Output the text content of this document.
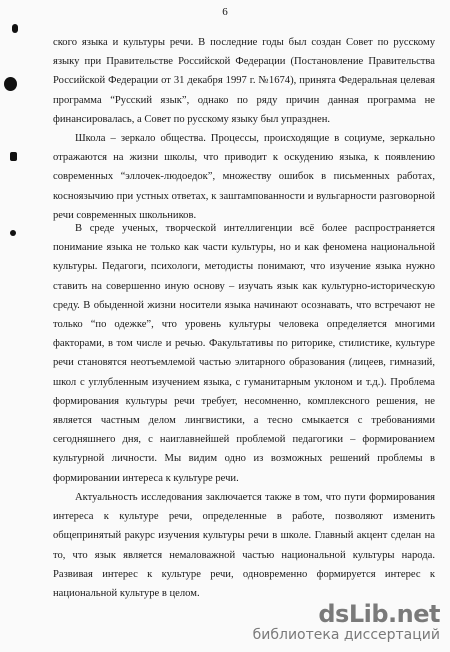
6

ского языка и культуры речи. В последние годы был создан Совет по русскому языку при Правительстве Российской Федерации (Постановление Правительства Российской Федерации от 31 декабря 1997 г. №1674), принята Федеральная целевая программа “Русский язык”, однако по ряду причин данная программа не финансировалась, а Совет по русскому языку был упразднен.

Школа – зеркало общества. Процессы, происходящие в социуме, зеркально отражаются на жизни школы, что приводит к оскудению языка, к появлению современных “эллочек-людоедок”, множеству ошибок в письменных работах, косноязычию при устных ответах, к заштампованности и вульгарности разговорной речи современных школьников.

В среде ученых, творческой интеллигенции всё более распространяется понимание языка не только как части культуры, но и как феномена национальной культуры. Педагоги, психологи, методисты понимают, что изучение языка нужно ставить на совершенно иную основу – изучать язык как культурно-историческую среду. В обыденной жизни носители языка начинают осознавать, что встречают не только “по одежке”, что уровень культуры человека определяется многими факторами, в том числе и речью. Факультативы по риторике, стилистике, культуре речи становятся неотъемлемой частью элитарного образования (лицеев, гимназий, школ с углубленным изучением языка, с гуманитарным уклоном и т.д.). Проблема формирования культуры речи требует, несомненно, комплексного решения, не является частным делом лингвистики, а тесно смыкается с требованиями сегодняшнего дня, с наиглавнейшей проблемой педагогики – формированием культурной личности. Мы видим одно из возможных решений проблемы в формировании интереса к культуре речи.

Актуальность исследования заключается также в том, что пути формирования интереса к культуре речи, определенные в работе, позволяют изменить общепринятый ракурс изучения культуры речи в школе. Главный акцент сделан на то, что язык является немаловажной частью национальной культуры народа. Развивая интерес к культуре речи, одновременно формируется интерес к национальной культуре в целом.

dsLib.net
библиотека диссертаций
